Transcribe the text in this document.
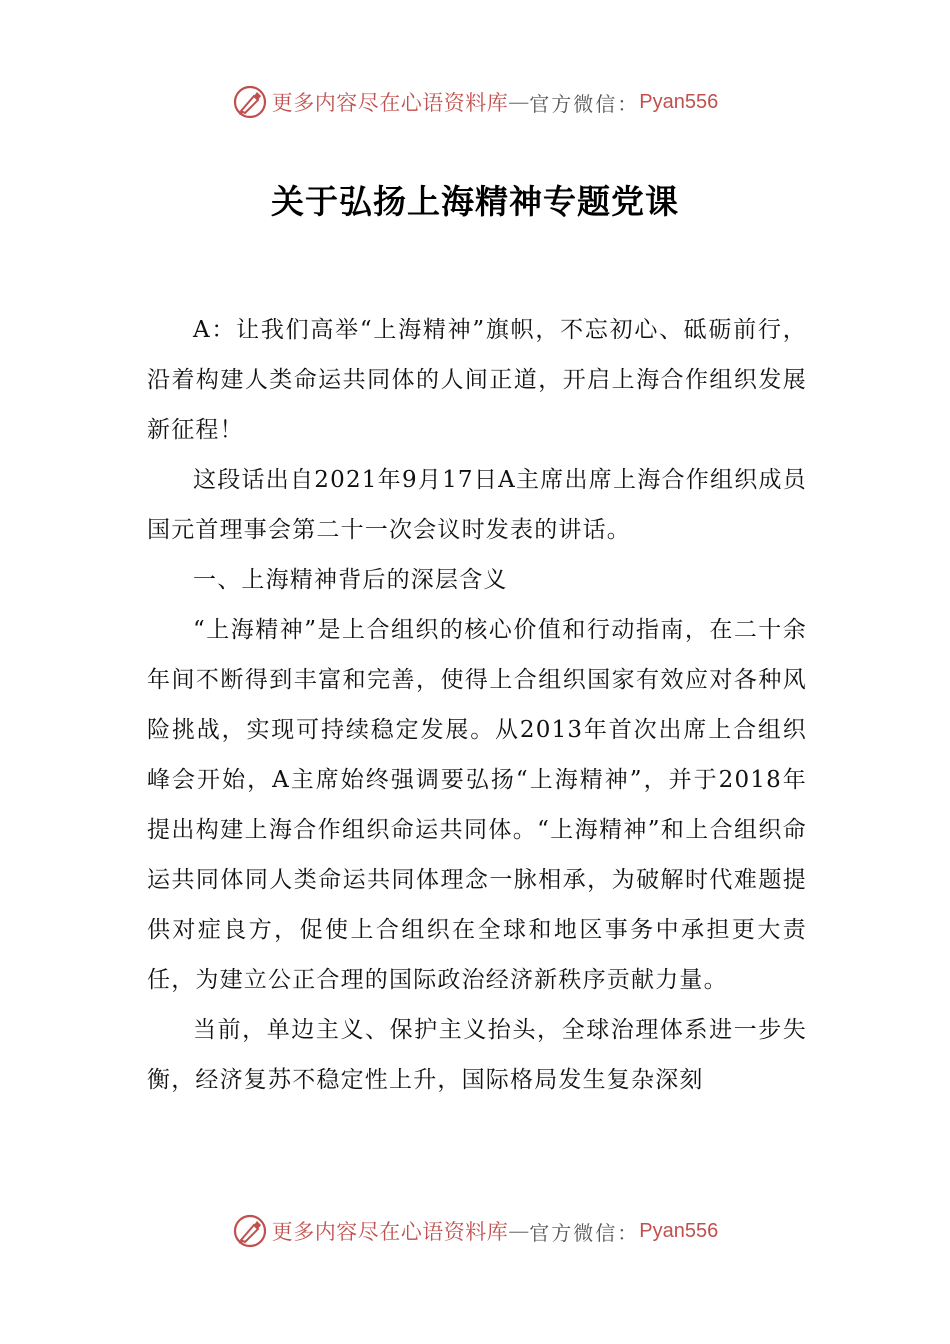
更多内容尽在心语资料库 — 官方微信： Pyan556
关于弘扬上海精神专题党课

A：让我们高举“上海精神”旗帜，不忘初心、砥砺前行，沿着构建人类命运共同体的人间正道，开启上海合作组织发展新征程！

这段话出自2021年9月17日A主席出席上海合作组织成员国元首理事会第二十一次会议时发表的讲话。

一、上海精神背后的深层含义

“上海精神”是上合组织的核心价值和行动指南，在二十余年间不断得到丰富和完善，使得上合组织国家有效应对各种风险挑战，实现可持续稳定发展。从2013年首次出席上合组织峰会开始，A主席始终强调要弘扬“上海精神”，并于2018年提出构建上海合作组织命运共同体。“上海精神”和上合组织命运共同体同人类命运共同体理念一脉相承，为破解时代难题提供对症良方，促使上合组织在全球和地区事务中承担更大责任，为建立公正合理的国际政治经济新秩序贡献力量。

当前，单边主义、保护主义抬头，全球治理体系进一步失衡，经济复苏不稳定性上升，国际格局发生复杂深刻

更多内容尽在心语资料库 — 官方微信： Pyan556
